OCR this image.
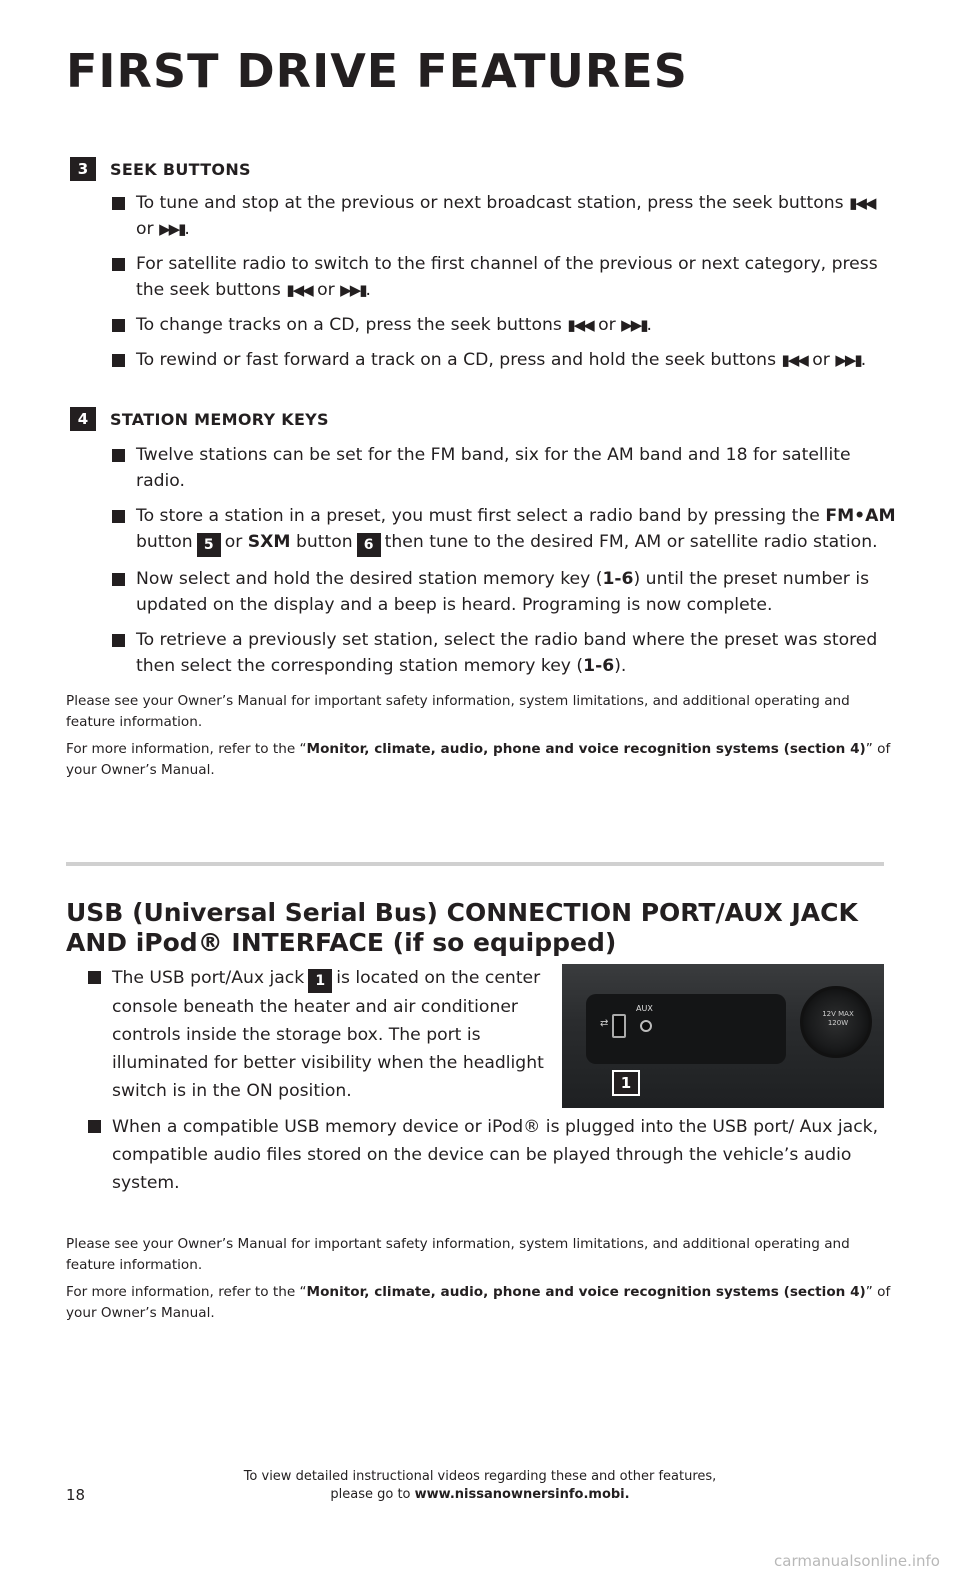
FIRST DRIVE FEATURES
3	SEEK BUTTONS
To tune and stop at the previous or next broadcast station, press the seek buttons ▮◀◀ or ▶▶▮.
For satellite radio to switch to the first channel of the previous or next category, press the seek buttons ▮◀◀ or ▶▶▮.
To change tracks on a CD, press the seek buttons ▮◀◀ or ▶▶▮.
To rewind or fast forward a track on a CD, press and hold the seek buttons ▮◀◀ or ▶▶▮.
4	STATION MEMORY KEYS
Twelve stations can be set for the FM band, six for the AM band and 18 for satellite radio.
To store a station in a preset, you must first select a radio band by pressing the FM•AM button 5 or SXM button 6 then tune to the desired FM, AM or satellite radio station.
Now select and hold the desired station memory key (1-6) until the preset number is updated on the display and a beep is heard. Programing is now complete.
To retrieve a previously set station, select the radio band where the preset was stored then select the corresponding station memory key (1-6).

Please see your Owner’s Manual for important safety information, system limitations, and additional operating and feature information.

For more information, refer to the “Monitor, climate, audio, phone and voice recognition systems (section 4)” of your Owner’s Manual.

USB (Universal Serial Bus) CONNECTION PORT/AUX JACK AND iPod® INTERFACE (if so equipped)
⇄
AUX
12V MAX 120W
1
The USB port/Aux jack 1 is located on the center console beneath the heater and air conditioner controls inside the storage box. The port is illuminated for better visibility when the headlight switch is in the ON position.
When a compatible USB memory device or iPod® is plugged into the USB port/ Aux jack, compatible audio files stored on the device can be played through the vehicle’s audio system.

Please see your Owner’s Manual for important safety information, system limitations, and additional operating and feature information.

For more information, refer to the “Monitor, climate, audio, phone and voice recognition systems (section 4)” of your Owner’s Manual.

18
To view detailed instructional videos regarding these and other features,
please go to www.nissanownersinfo.mobi.
carmanualsonline.info
